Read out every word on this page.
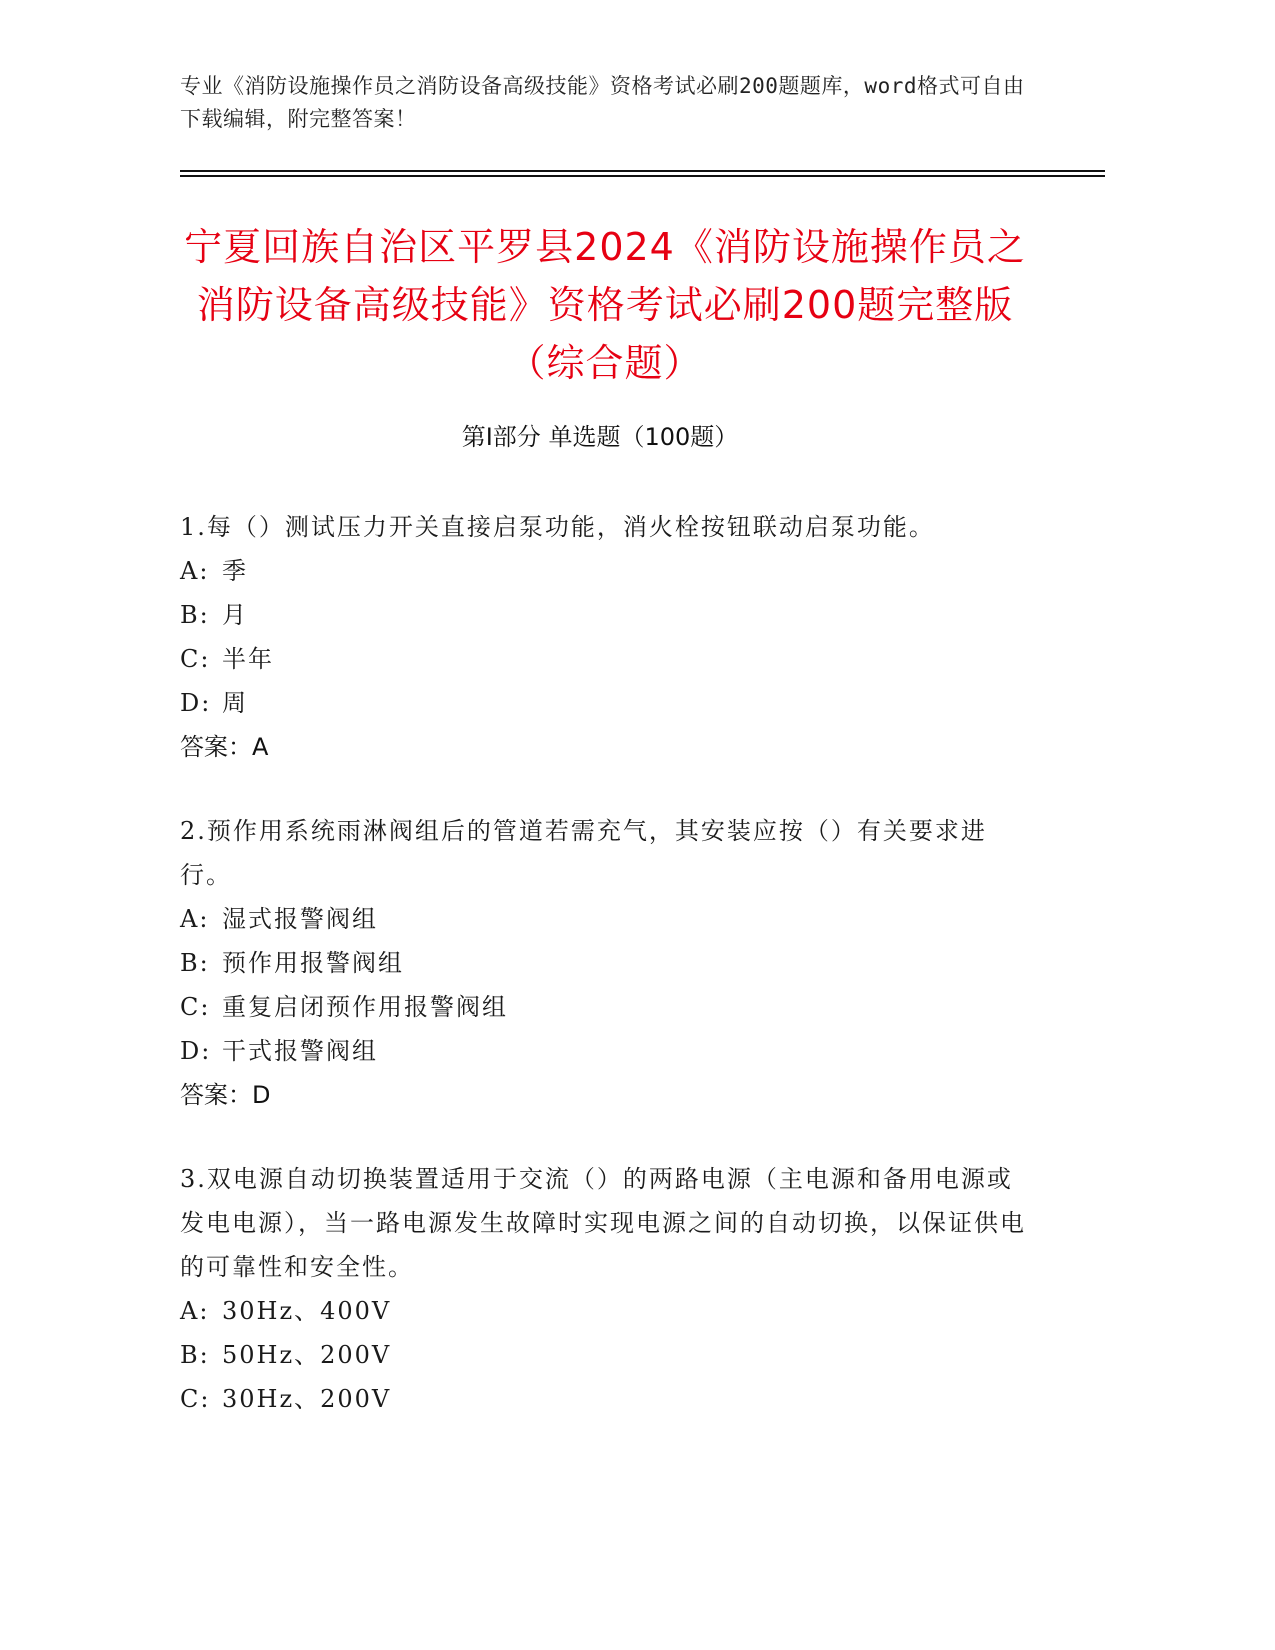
专业《消防设施操作员之消防设备高级技能》资格考试必刷200题题库，word格式可自由下载编辑，附完整答案！
宁夏回族自治区平罗县2024《消防设施操作员之消防设备高级技能》资格考试必刷200题完整版（综合题）
第I部分 单选题（100题）

1.每（）测试压力开关直接启泵功能，消火栓按钮联动启泵功能。

A: 季

B: 月

C: 半年

D: 周

答案：A

2.预作用系统雨淋阀组后的管道若需充气，其安装应按（）有关要求进行。

A: 湿式报警阀组

B: 预作用报警阀组

C: 重复启闭预作用报警阀组

D: 干式报警阀组

答案：D

3.双电源自动切换装置适用于交流（）的两路电源（主电源和备用电源或发电电源），当一路电源发生故障时实现电源之间的自动切换，以保证供电的可靠性和安全性。

A: 30Hz、400V

B: 50Hz、200V

C: 30Hz、200V
